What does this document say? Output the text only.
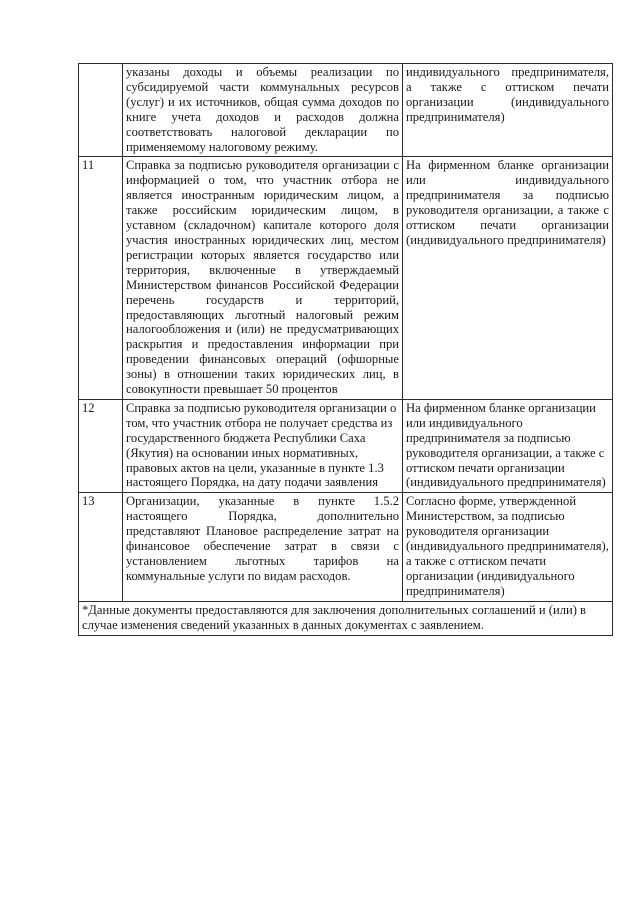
	указаны доходы и объемы реализации по субсидируемой части коммунальных ресурсов (услуг) и их источников, общая сумма доходов по книге учета доходов и расходов должна соответствовать налоговой декларации по применяемому налоговому режиму.	индивидуального предпринимателя, а также с оттиском печати организации (индивидуального предпринимателя)
11	Справка за подписью руководителя организации с информацией о том, что участник отбора не является иностранным юридическим лицом, а также российским юридическим лицом, в уставном (складочном) капитале которого доля участия иностранных юридических лиц, местом регистрации которых является государство или территория, включенные в утверждаемый Министерством финансов Российской Федерации перечень государств и территорий, предоставляющих льготный налоговый режим налогообложения и (или) не предусматривающих раскрытия и предоставления информации при проведении финансовых операций (офшорные зоны) в отношении таких юридических лиц, в совокупности превышает 50 процентов	На фирменном бланке организации или индивидуального предпринимателя за подписью руководителя организации, а также с оттиском печати организации (индивидуального предпринимателя)
12	Справка за подписью руководителя организации о том, что участник отбора не получает средства из государственного бюджета Республики Саха (Якутия) на основании иных нормативных, правовых актов на цели, указанные в пункте 1.3 настоящего Порядка, на дату подачи заявления	На фирменном бланке организации или индивидуального предпринимателя за подписью руководителя организации, а также с оттиском печати организации (индивидуального предпринимателя)
13	Организации, указанные в пункте 1.5.2 настоящего Порядка, дополнительно представляют Плановое распределение затрат на финансовое обеспечение затрат в связи с установлением льготных тарифов на коммунальные услуги по видам расходов.	Согласно форме, утвержденной Министерством, за подписью руководителя организации (индивидуального предпринимателя), а также с оттиском печати организации (индивидуального предпринимателя)
*Данные документы предоставляются для заключения дополнительных соглашений и (или) в случае изменения сведений указанных в данных документах с заявлением.		
